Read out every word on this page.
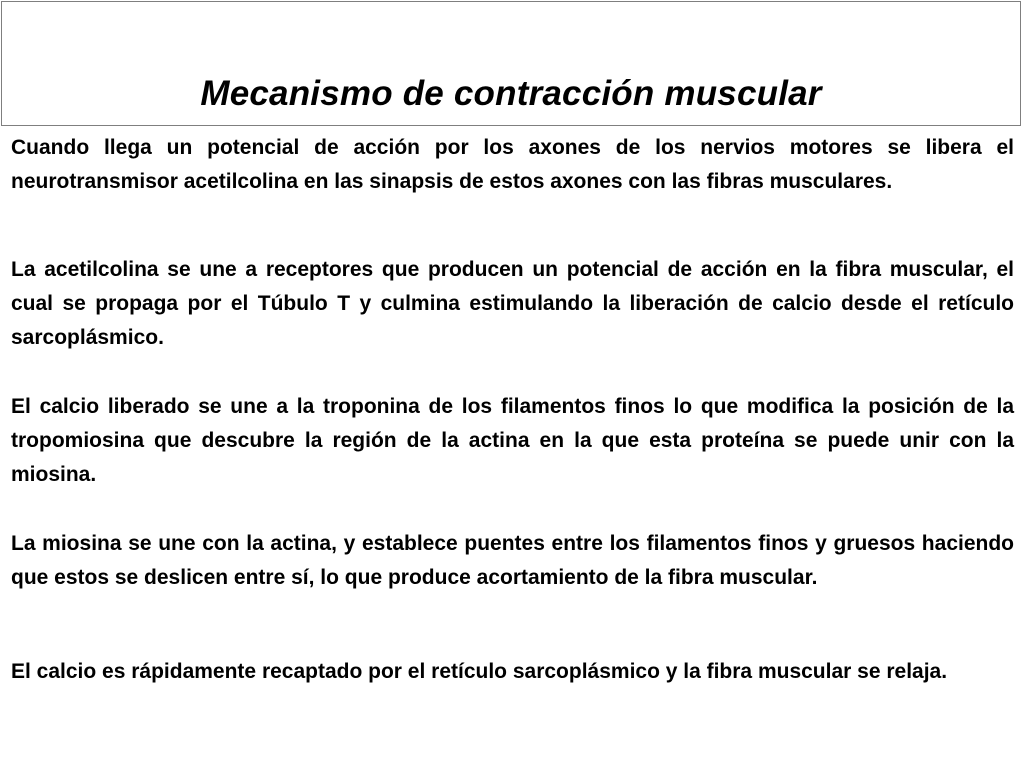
Mecanismo de contracción muscular

Cuando llega un potencial de acción por los axones de los nervios motores se libera el neurotransmisor acetilcolina en las sinapsis de estos axones con las fibras musculares.

La acetilcolina se une a receptores que producen un potencial de acción en la fibra muscular, el cual se propaga por el Túbulo T y culmina estimulando la liberación de calcio desde el retículo sarcoplásmico.

El calcio liberado se une a la troponina de los filamentos finos lo que modifica la posición de la tropomiosina que descubre la región de la actina en la que esta proteína se puede unir con la miosina.

La miosina se une con la actina, y establece puentes entre los filamentos finos y gruesos haciendo que estos se deslicen entre sí, lo que produce acortamiento de la fibra muscular.

El calcio es rápidamente recaptado por el retículo sarcoplásmico y la fibra muscular se relaja.
